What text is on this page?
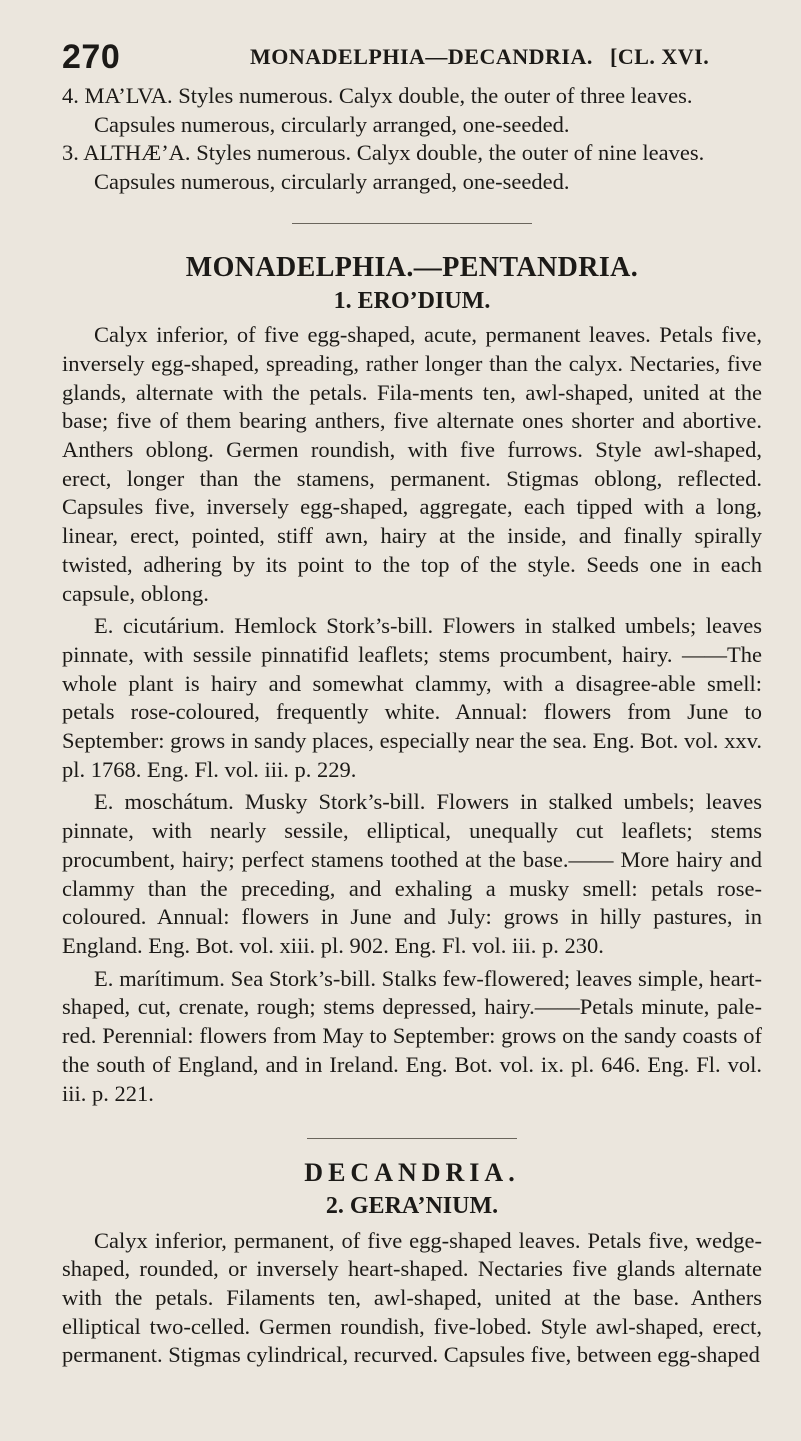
270	MONADELPHIA—DECANDRIA. [CL. XVI.

4. MA’LVA. Styles numerous. Calyx double, the outer of three leaves. Capsules numerous, circularly arranged, one-seeded.

3. ALTHÆ’A. Styles numerous. Calyx double, the outer of nine leaves. Capsules numerous, circularly arranged, one-seeded.

MONADELPHIA.—PENTANDRIA.
1. ERO’DIUM.

Calyx inferior, of five egg-shaped, acute, permanent leaves. Petals five, inversely egg-shaped, spreading, rather longer than the calyx. Nectaries, five glands, alternate with the petals. Fila-ments ten, awl-shaped, united at the base; five of them bearing anthers, five alternate ones shorter and abortive. Anthers oblong. Germen roundish, with five furrows. Style awl-shaped, erect, longer than the stamens, permanent. Stigmas oblong, reflected. Capsules five, inversely egg-shaped, aggregate, each tipped with a long, linear, erect, pointed, stiff awn, hairy at the inside, and finally spirally twisted, adhering by its point to the top of the style. Seeds one in each capsule, oblong.

E. cicutárium. Hemlock Stork’s-bill. Flowers in stalked umbels; leaves pinnate, with sessile pinnatifid leaflets; stems procumbent, hairy. ——The whole plant is hairy and somewhat clammy, with a disagree-able smell: petals rose-coloured, frequently white. Annual: flowers from June to September: grows in sandy places, especially near the sea. Eng. Bot. vol. xxv. pl. 1768. Eng. Fl. vol. iii. p. 229.

E. moschátum. Musky Stork’s-bill. Flowers in stalked umbels; leaves pinnate, with nearly sessile, elliptical, unequally cut leaflets; stems procumbent, hairy; perfect stamens toothed at the base.—— More hairy and clammy than the preceding, and exhaling a musky smell: petals rose-coloured. Annual: flowers in June and July: grows in hilly pastures, in England. Eng. Bot. vol. xiii. pl. 902. Eng. Fl. vol. iii. p. 230.

E. marítimum. Sea Stork’s-bill. Stalks few-flowered; leaves simple, heart-shaped, cut, crenate, rough; stems depressed, hairy.——Petals minute, pale-red. Perennial: flowers from May to September: grows on the sandy coasts of the south of England, and in Ireland. Eng. Bot. vol. ix. pl. 646. Eng. Fl. vol. iii. p. 221.

DECANDRIA.
2. GERA’NIUM.

Calyx inferior, permanent, of five egg-shaped leaves. Petals five, wedge-shaped, rounded, or inversely heart-shaped. Nectaries five glands alternate with the petals. Filaments ten, awl-shaped, united at the base. Anthers elliptical two-celled. Germen roundish, five-lobed. Style awl-shaped, erect, permanent. Stigmas cylindrical, recurved. Capsules five, between egg-shaped
